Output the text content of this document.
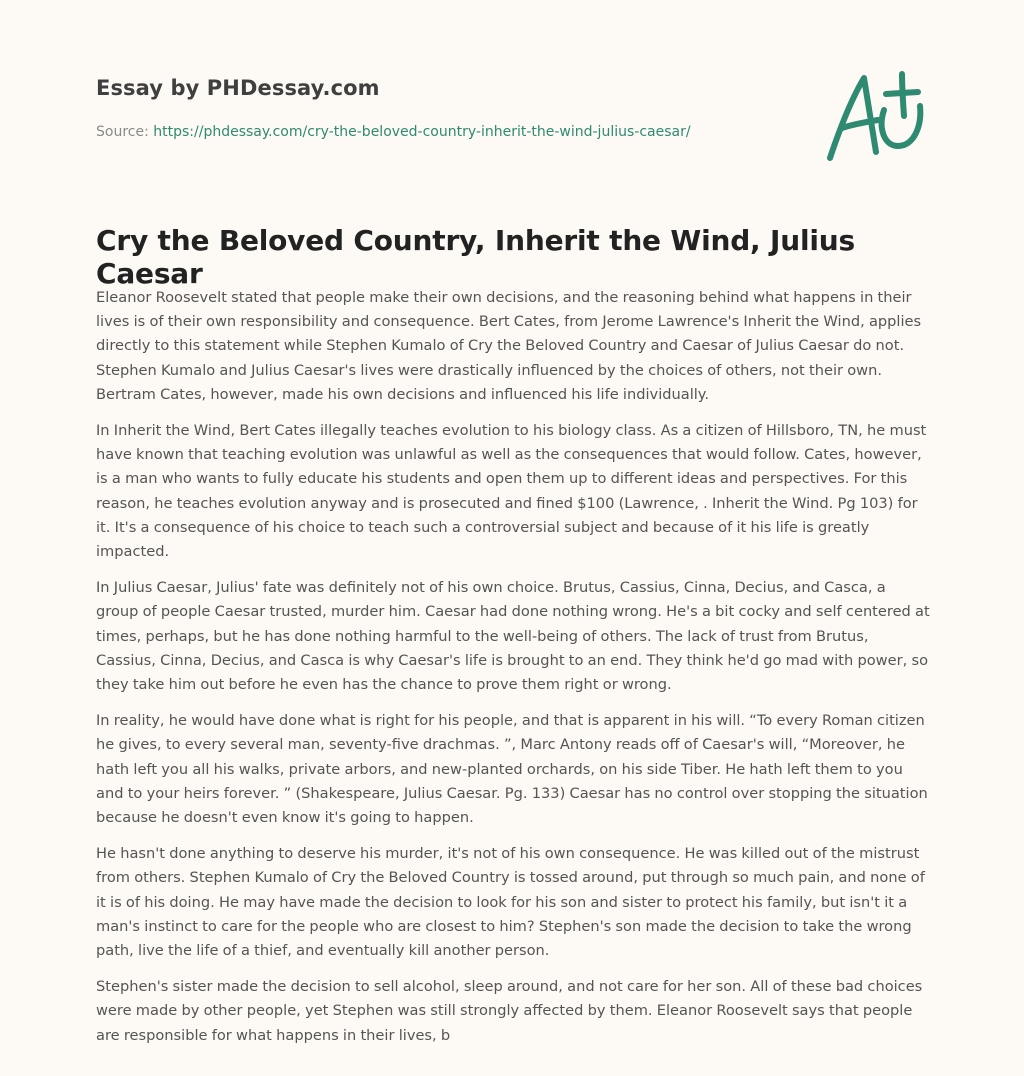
Essay by PHDessay.com
Source: https://phdessay.com/cry-the-beloved-country-inherit-the-wind-julius-caesar/
Cry the Beloved Country, Inherit the Wind, Julius Caesar

Eleanor Roosevelt stated that people make their own decisions, and the reasoning behind what happens in their lives is of their own responsibility and consequence. Bert Cates, from Jerome Lawrence's Inherit the Wind, applies directly to this statement while Stephen Kumalo of Cry the Beloved Country and Caesar of Julius Caesar do not. Stephen Kumalo and Julius Caesar's lives were drastically influenced by the choices of others, not their own. Bertram Cates, however, made his own decisions and influenced his life individually.

In Inherit the Wind, Bert Cates illegally teaches evolution to his biology class. As a citizen of Hillsboro, TN, he must have known that teaching evolution was unlawful as well as the consequences that would follow. Cates, however, is a man who wants to fully educate his students and open them up to different ideas and perspectives. For this reason, he teaches evolution anyway and is prosecuted and fined $100 (Lawrence, . Inherit the Wind. Pg 103) for it. It's a consequence of his choice to teach such a controversial subject and because of it his life is greatly impacted.

In Julius Caesar, Julius' fate was definitely not of his own choice. Brutus, Cassius, Cinna, Decius, and Casca, a group of people Caesar trusted, murder him. Caesar had done nothing wrong. He's a bit cocky and self centered at times, perhaps, but he has done nothing harmful to the well-being of others. The lack of trust from Brutus, Cassius, Cinna, Decius, and Casca is why Caesar's life is brought to an end. They think he'd go mad with power, so they take him out before he even has the chance to prove them right or wrong.

In reality, he would have done what is right for his people, and that is apparent in his will. “To every Roman citizen he gives, to every several man, seventy-five drachmas. ”, Marc Antony reads off of Caesar's will, “Moreover, he hath left you all his walks, private arbors, and new-planted orchards, on his side Tiber. He hath left them to you and to your heirs forever. ” (Shakespeare, Julius Caesar. Pg. 133) Caesar has no control over stopping the situation because he doesn't even know it's going to happen.

He hasn't done anything to deserve his murder, it's not of his own consequence. He was killed out of the mistrust from others. Stephen Kumalo of Cry the Beloved Country is tossed around, put through so much pain, and none of it is of his doing. He may have made the decision to look for his son and sister to protect his family, but isn't it a man's instinct to care for the people who are closest to him? Stephen's son made the decision to take the wrong path, live the life of a thief, and eventually kill another person.

Stephen's sister made the decision to sell alcohol, sleep around, and not care for her son. All of these bad choices were made by other people, yet Stephen was still strongly affected by them. Eleanor Roosevelt says that people are responsible for what happens in their lives, b
